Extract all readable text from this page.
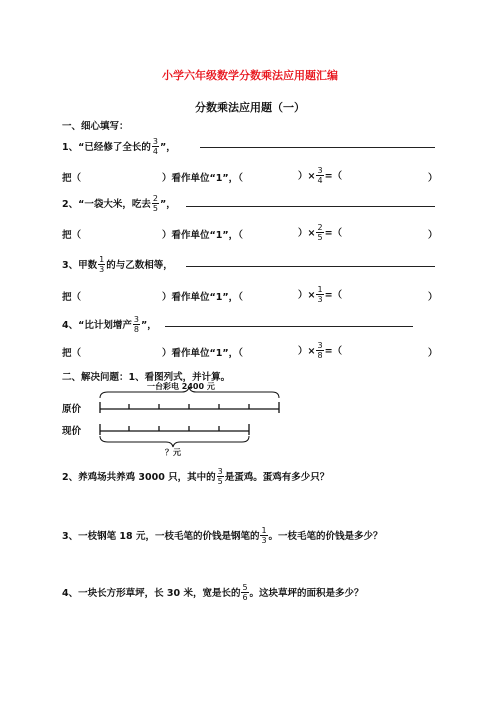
小学六年级数学分数乘法应用题汇编
分数乘法应用题（一）
一、细心填写：
1、“已经修了全长的 $\frac{3}{4}$ ”，
把（	）看作单位“1”，（	）× $\frac{3}{4}$ =（	）
2、“一袋大米，吃去 $\frac{2}{5}$ ”，
把（	）看作单位“1”，（	）× $\frac{2}{5}$ =（	）
3、甲数 $\frac{1}{3}$ 的与乙数相等，
把（	）看作单位“1”，（	）× $\frac{1}{3}$ =（	）
4、“比计划增产 $\frac{3}{8}$ ”，
把（	）看作单位“1”，（	）× $\frac{3}{8}$ =（	）
二、解决问题：1、看图列式，并计算。
一台彩电 2400 元
原价
现价
？元
2、养鸡场共养鸡 3000 只，其中的 $\frac{3}{5}$ 是蛋鸡。蛋鸡有多少只？
3、一枝钢笔 18 元，一枝毛笔的价钱是钢笔的 $\frac{1}{3}$ 。一枝毛笔的价钱是多少？
4、一块长方形草坪，长 30 米，宽是长的 $\frac{5}{6}$ 。这块草坪的面积是多少？
